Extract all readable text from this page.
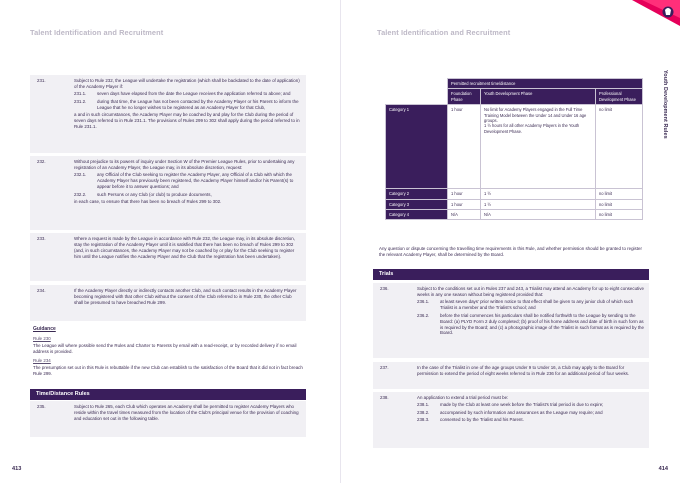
Talent Identification and Recruitment
231.	Subject to Rule 232, the League will undertake the registration (which shall be backdated to the date of application) of the Academy Player if:
231.1.	seven days have elapsed from the date the League receives the application referred to above; and
231.2.	during that time, the League has not been contacted by the Academy Player or his Parent to inform the League that he no longer wishes to be registered as an Academy Player for that Club,
a and in such circumstances, the Academy Player may be coached by and play for the Club during the period of seven days referred to in Rule 231.1. The provisions of Rules 299 to 302 shall apply during the period referred to in Rule 231.1.
232.	Without prejudice to its powers of inquiry under Section W of the Premier League Rules, prior to undertaking any registration of an Academy Player, the League may, in its absolute discretion, request:
232.1.	any Official of the Club seeking to register the Academy Player, any Official of a Club with which the Academy Player has previously been registered, the Academy Player himself and/or his Parent(s) to appear before it to answer questions; and
232.2.	such Persons or any Club (or club) to produce documents,
in each case, to ensure that there has been no breach of Rules 299 to 302.
233.	Where a request is made by the League in accordance with Rule 232, the League may, in its absolute discretion, stay the registration of the Academy Player until it is satisfied that there has been no breach of Rules 299 to 302 (and, in such circumstances, the Academy Player may not be coached by or play for the Club seeking to register him until the League notifies the Academy Player and the Club that the registration has been undertaken).
234.	If the Academy Player directly or indirectly contacts another Club, and such contact results in the Academy Player becoming registered with that other Club without the consent of the Club referred to in Rule 230, the other Club shall be presumed to have breached Rule 299.
Guidance
Rule 230
The League will where possible send the Rules and Charter to Parents by email with a read-receipt, or by recorded delivery if no email address is provided.
Rule 234
The presumption set out in this Rule is rebuttable if the new Club can establish to the satisfaction of the Board that it did not in fact breach Rule 299.
Time/Distance Rules
235.	Subject to Rule 265, each Club which operates an Academy shall be permitted to register Academy Players who reside within the travel times measured from the location of the Club's principal venue for the provision of coaching and education set out in the following table.
413
Talent Identification and Recruitment
Youth Development Rules
	Permitted recruitment time/distance		
	Foundation Phase	Youth Development Phase	Professional Development Phase
Category 1	1 hour	No limit for Academy Players engaged in the Full Time Training Model between the Under 14 and Under 16 age groups.
1 ½ hours for all other Academy Players in the Youth Development Phase.	no limit
Category 2	1 hour	1 ½	no limit
Category 3	1 hour	1 ½	no limit
Category 4	N/A	N/A	no limit
Any question or dispute concerning the travelling time requirements in this Rule, and whether permission should be granted to register the relevant Academy Player, shall be determined by the Board.
Trials
236.	Subject to the conditions set out in Rules 237 and 243, a Trialist may attend an Academy for up to eight consecutive weeks in any one season without being registered provided that:
236.1.	at least seven days' prior written notice to that effect shall be given to any junior club of which such Trialist is a member and the Trialist's school; and
236.2.	before the trial commences his particulars shall be notified forthwith to the League by sending to the Board: (a) PLYD Form 2 duly completed; (b) proof of his home address and date of birth in such form as is required by the Board; and (c) a photographic image of the Trialist in such format as is required by the Board.
237.	In the case of the Trialist in one of the age groups Under 9 to Under 16, a Club may apply to the Board for permission to extend the period of eight weeks referred to in Rule 236 for an additional period of four weeks.
238.	An application to extend a trial period must be:
238.1.	made by the Club at least one week before the Trialist's trial period is due to expire;
238.2.	accompanied by such information and assurances as the League may require; and
238.3.	consented to by the Trialist and his Parent.
414
